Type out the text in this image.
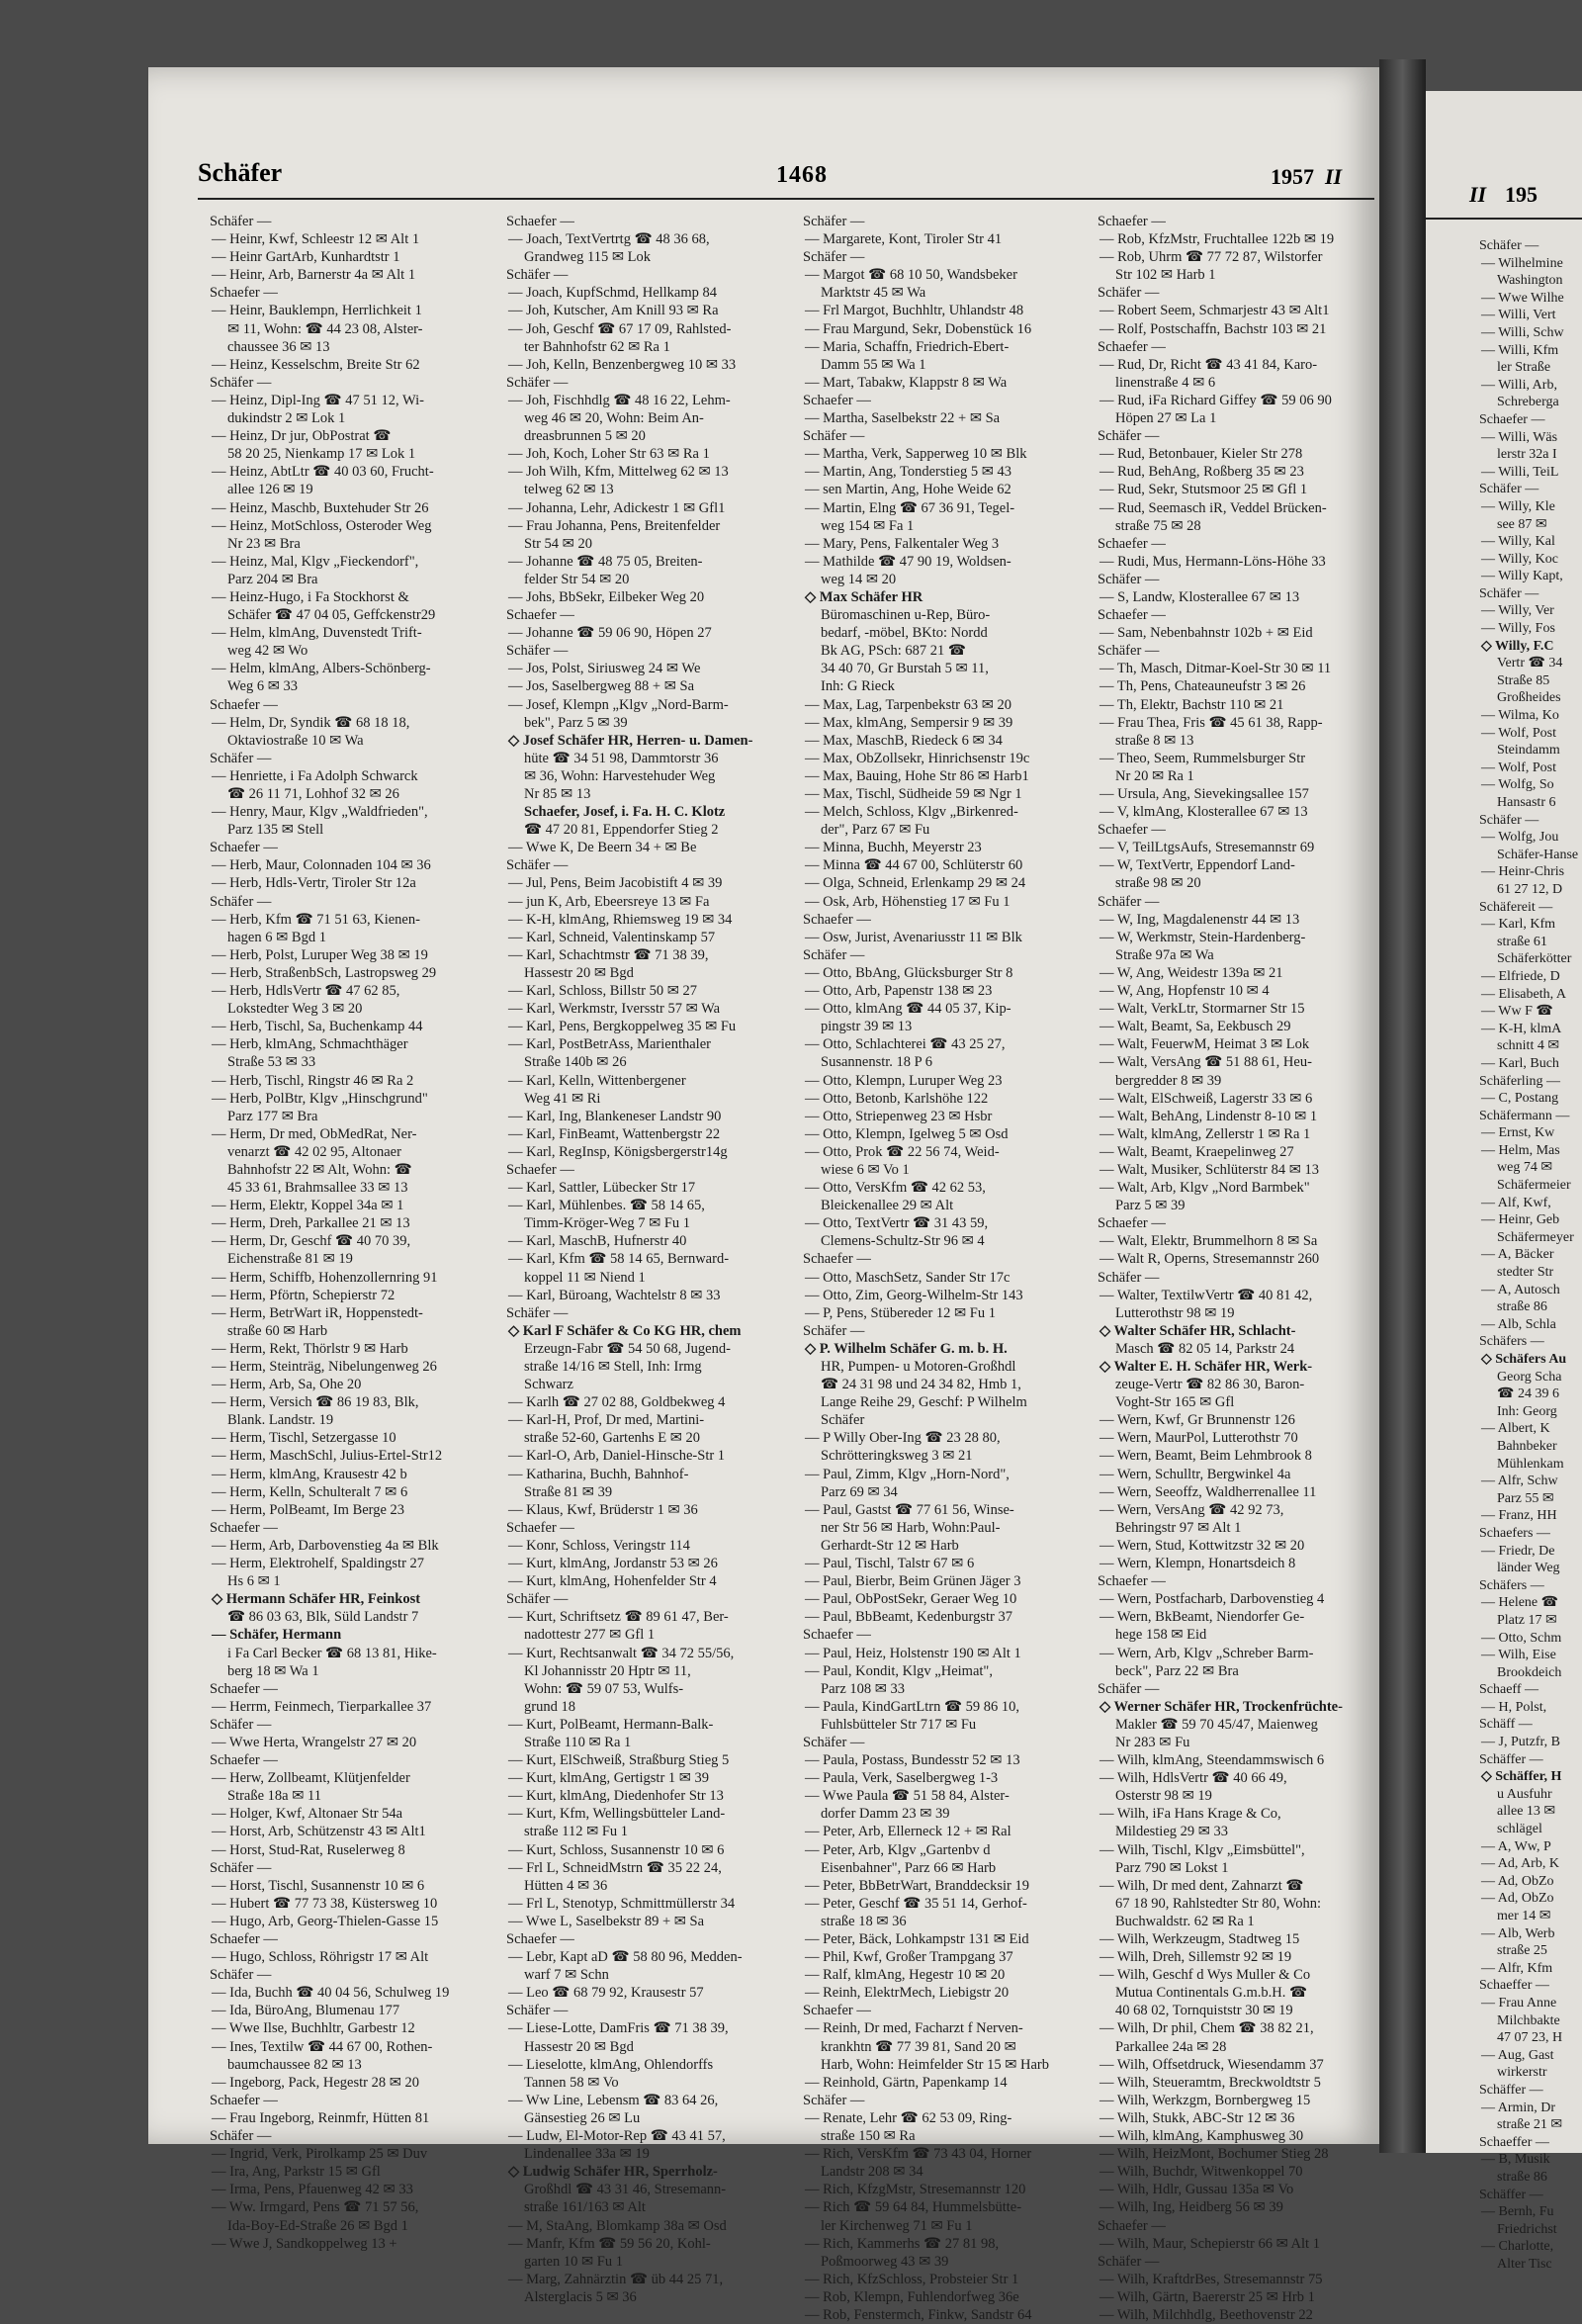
Schäfer	1468	1957 II
Schäfer —
— Heinr, Kwf, Schleestr 12 ✉ Alt 1
— Heinr GartArb, Kunhardtstr 1
— Heinr, Arb, Barnerstr 4a ✉ Alt 1
Schaefer —
— Heinr, Bauklempn, Herrlichkeit 1
✉ 11, Wohn: ☎ 44 23 08, Alster-
chaussee 36 ✉ 13
— Heinz, Kesselschm, Breite Str 62
Schäfer —
— Heinz, Dipl-Ing ☎ 47 51 12, Wi-
dukindstr 2 ✉ Lok 1
— Heinz, Dr jur, ObPostrat ☎
58 20 25, Nienkamp 17 ✉ Lok 1
— Heinz, AbtLtr ☎ 40 03 60, Frucht-
allee 126 ✉ 19
— Heinz, Maschb, Buxtehuder Str 26
— Heinz, MotSchloss, Osteroder Weg
Nr 23 ✉ Bra
— Heinz, Mal, Klgv „Fieckendorf",
Parz 204 ✉ Bra
— Heinz-Hugo, i Fa Stockhorst &
Schäfer ☎ 47 04 05, Geffckenstr29
— Helm, klmAng, Duvenstedt Trift-
weg 42 ✉ Wo
— Helm, klmAng, Albers-Schönberg-
Weg 6 ✉ 33
Schaefer —
— Helm, Dr, Syndik ☎ 68 18 18,
Oktaviostraße 10 ✉ Wa
Schäfer —
— Henriette, i Fa Adolph Schwarck
☎ 26 11 71, Lohhof 32 ✉ 26
— Henry, Maur, Klgv „Waldfrieden",
Parz 135 ✉ Stell
Schaefer —
— Herb, Maur, Colonnaden 104 ✉ 36
— Herb, Hdls-Vertr, Tiroler Str 12a
Schäfer —
— Herb, Kfm ☎ 71 51 63, Kienen-
hagen 6 ✉ Bgd 1
— Herb, Polst, Luruper Weg 38 ✉ 19
— Herb, StraßenbSch, Lastropsweg 29
— Herb, HdlsVertr ☎ 47 62 85,
Lokstedter Weg 3 ✉ 20
— Herb, Tischl, Sa, Buchenkamp 44
— Herb, klmAng, Schmachthäger
Straße 53 ✉ 33
— Herb, Tischl, Ringstr 46 ✉ Ra 2
— Herb, PolBtr, Klgv „Hinschgrund"
Parz 177 ✉ Bra
— Herm, Dr med, ObMedRat, Ner-
venarzt ☎ 42 02 95, Altonaer
Bahnhofstr 22 ✉ Alt, Wohn: ☎
45 33 61, Brahmsallee 33 ✉ 13
— Herm, Elektr, Koppel 34a ✉ 1
— Herm, Dreh, Parkallee 21 ✉ 13
— Herm, Dr, Geschf ☎ 40 70 39,
Eichenstraße 81 ✉ 19
— Herm, Schiffb, Hohenzollernring 91
— Herm, Pförtn, Schepierstr 72
— Herm, BetrWart iR, Hoppenstedt-
straße 60 ✉ Harb
— Herm, Rekt, Thörlstr 9 ✉ Harb
— Herm, Steinträg, Nibelungenweg 26
— Herm, Arb, Sa, Ohe 20
— Herm, Versich ☎ 86 19 83, Blk,
Blank. Landstr. 19
— Herm, Tischl, Setzergasse 10
— Herm, MaschSchl, Julius-Ertel-Str12
— Herm, klmAng, Krausestr 42 b
— Herm, Kelln, Schulteralt 7 ✉ 6
— Herm, PolBeamt, Im Berge 23
Schaefer —
— Herm, Arb, Darbovenstieg 4a ✉ Blk
— Herm, Elektrohelf, Spaldingstr 27
Hs 6 ✉ 1
◇ Hermann Schäfer HR, Feinkost
☎ 86 03 63, Blk, Süld Landstr 7
— Schäfer, Hermann
i Fa Carl Becker ☎ 68 13 81, Hike-
berg 18 ✉ Wa 1
Schaefer —
— Herrm, Feinmech, Tierparkallee 37
Schäfer —
— Wwe Herta, Wrangelstr 27 ✉ 20
Schaefer —
— Herw, Zollbeamt, Klütjenfelder
Straße 18a ✉ 11
— Holger, Kwf, Altonaer Str 54a
— Horst, Arb, Schützenstr 43 ✉ Alt1
— Horst, Stud-Rat, Ruselerweg 8
Schäfer —
— Horst, Tischl, Susannenstr 10 ✉ 6
— Hubert ☎ 77 73 38, Küstersweg 10
— Hugo, Arb, Georg-Thielen-Gasse 15
Schaefer —
— Hugo, Schloss, Röhrigstr 17 ✉ Alt
Schäfer —
— Ida, Buchh ☎ 40 04 56, Schulweg 19
— Ida, BüroAng, Blumenau 177
— Wwe Ilse, Buchhltr, Garbestr 12
— Ines, Textilw ☎ 44 67 00, Rothen-
baumchaussee 82 ✉ 13
— Ingeborg, Pack, Hegestr 28 ✉ 20
Schaefer —
— Frau Ingeborg, Reinmfr, Hütten 81
Schäfer —
— Ingrid, Verk, Pirolkamp 25 ✉ Duv
— Ira, Ang, Parkstr 15 ✉ Gfl
— Irma, Pens, Pfauenweg 42 ✉ 33
— Ww. Irmgard, Pens ☎ 71 57 56,
Ida-Boy-Ed-Straße 26 ✉ Bgd 1
— Wwe J, Sandkoppelweg 13 +
Schaefer —
— Joach, TextVertrtg ☎ 48 36 68,
Grandweg 115 ✉ Lok
Schäfer —
— Joach, KupfSchmd, Hellkamp 84
— Joh, Kutscher, Am Knill 93 ✉ Ra
— Joh, Geschf ☎ 67 17 09, Rahlsted-
ter Bahnhofstr 62 ✉ Ra 1
— Joh, Kelln, Benzenbergweg 10 ✉ 33
Schäfer —
— Joh, Fischhdlg ☎ 48 16 22, Lehm-
weg 46 ✉ 20, Wohn: Beim An-
dreasbrunnen 5 ✉ 20
— Joh, Koch, Loher Str 63 ✉ Ra 1
— Joh Wilh, Kfm, Mittelweg 62 ✉ 13
telweg 62 ✉ 13
— Johanna, Lehr, Adickestr 1 ✉ Gfl1
— Frau Johanna, Pens, Breitenfelder
Str 54 ✉ 20
— Johanne ☎ 48 75 05, Breiten-
felder Str 54 ✉ 20
— Johs, BbSekr, Eilbeker Weg 20
Schaefer —
— Johanne ☎ 59 06 90, Höpen 27
Schäfer —
— Jos, Polst, Siriusweg 24 ✉ We
— Jos, Saselbergweg 88 + ✉ Sa
— Josef, Klempn „Klgv „Nord-Barm-
bek", Parz 5 ✉ 39
◇ Josef Schäfer HR, Herren- u. Damen-
hüte ☎ 34 51 98, Dammtorstr 36
✉ 36, Wohn: Harvestehuder Weg
Nr 85 ✉ 13
Schaefer, Josef, i. Fa. H. C. Klotz
☎ 47 20 81, Eppendorfer Stieg 2
— Wwe K, De Beern 34 + ✉ Be
Schäfer —
— Jul, Pens, Beim Jacobistift 4 ✉ 39
— jun K, Arb, Ebeersreye 13 ✉ Fa
— K-H, klmAng, Rhiemsweg 19 ✉ 34
— Karl, Schneid, Valentinskamp 57
— Karl, Schachtmstr ☎ 71 38 39,
Hassestr 20 ✉ Bgd
— Karl, Schloss, Billstr 50 ✉ 27
— Karl, Werkmstr, Iversstr 57 ✉ Wa
— Karl, Pens, Bergkoppelweg 35 ✉ Fu
— Karl, PostBetrAss, Marienthaler
Straße 140b ✉ 26
— Karl, Kelln, Wittenbergener
Weg 41 ✉ Ri
— Karl, Ing, Blankeneser Landstr 90
— Karl, FinBeamt, Wattenbergstr 22
— Karl, RegInsp, Königsbergerstr14g
Schaefer —
— Karl, Sattler, Lübecker Str 17
— Karl, Mühlenbes. ☎ 58 14 65,
Timm-Kröger-Weg 7 ✉ Fu 1
— Karl, MaschB, Hufnerstr 40
— Karl, Kfm ☎ 58 14 65, Bernward-
koppel 11 ✉ Niend 1
— Karl, Büroang, Wachtelstr 8 ✉ 33
Schäfer —
◇ Karl F Schäfer & Co KG HR, chem
Erzeugn-Fabr ☎ 54 50 68, Jugend-
straße 14/16 ✉ Stell, Inh: Irmg
Schwarz
— Karlh ☎ 27 02 88, Goldbekweg 4
— Karl-H, Prof, Dr med, Martini-
straße 52-60, Gartenhs E ✉ 20
— Karl-O, Arb, Daniel-Hinsche-Str 1
— Katharina, Buchh, Bahnhof-
Straße 81 ✉ 39
— Klaus, Kwf, Brüderstr 1 ✉ 36
Schaefer —
— Konr, Schloss, Veringstr 114
— Kurt, klmAng, Jordanstr 53 ✉ 26
— Kurt, klmAng, Hohenfelder Str 4
Schäfer —
— Kurt, Schriftsetz ☎ 89 61 47, Ber-
nadottestr 277 ✉ Gfl 1
— Kurt, Rechtsanwalt ☎ 34 72 55/56,
Kl Johannisstr 20 Hptr ✉ 11,
Wohn: ☎ 59 07 53, Wulfs-
grund 18
— Kurt, PolBeamt, Hermann-Balk-
Straße 110 ✉ Ra 1
— Kurt, ElSchweiß, Straßburg Stieg 5
— Kurt, klmAng, Gertigstr 1 ✉ 39
— Kurt, klmAng, Diedenhofer Str 13
— Kurt, Kfm, Wellingsbütteler Land-
straße 112 ✉ Fu 1
— Kurt, Schloss, Susannenstr 10 ✉ 6
— Frl L, SchneidMstrn ☎ 35 22 24,
Hütten 4 ✉ 36
— Frl L, Stenotyp, Schmittmüllerstr 34
— Wwe L, Saselbekstr 89 + ✉ Sa
Schaefer —
— Lebr, Kapt aD ☎ 58 80 96, Medden-
warf 7 ✉ Schn
— Leo ☎ 68 79 92, Krausestr 57
Schäfer —
— Liese-Lotte, DamFris ☎ 71 38 39,
Hassestr 20 ✉ Bgd
— Lieselotte, klmAng, Ohlendorffs
Tannen 58 ✉ Vo
— Ww Line, Lebensm ☎ 83 64 26,
Gänsestieg 26 ✉ Lu
— Ludw, El-Motor-Rep ☎ 43 41 57,
Lindenallee 33a ✉ 19
◇ Ludwig Schäfer HR, Sperrholz-
Großhdl ☎ 43 31 46, Stresemann-
straße 161/163 ✉ Alt
— M, StaAng, Blomkamp 38a ✉ Osd
— Manfr, Kfm ☎ 59 56 20, Kohl-
garten 10 ✉ Fu 1
— Marg, Zahnärztin ☎ üb 44 25 71,
Alsterglacis 5 ✉ 36
Schäfer —
— Margarete, Kont, Tiroler Str 41
Schäfer —
— Margot ☎ 68 10 50, Wandsbeker
Marktstr 45 ✉ Wa
— Frl Margot, Buchhltr, Uhlandstr 48
— Frau Margund, Sekr, Dobenstück 16
— Maria, Schaffn, Friedrich-Ebert-
Damm 55 ✉ Wa 1
— Mart, Tabakw, Klappstr 8 ✉ Wa
Schaefer —
— Martha, Saselbekstr 22 + ✉ Sa
Schäfer —
— Martha, Verk, Sapperweg 10 ✉ Blk
— Martin, Ang, Tonderstieg 5 ✉ 43
— sen Martin, Ang, Hohe Weide 62
— Martin, Elng ☎ 67 36 91, Tegel-
weg 154 ✉ Fa 1
— Mary, Pens, Falkentaler Weg 3
— Mathilde ☎ 47 90 19, Woldsen-
weg 14 ✉ 20
◇ Max Schäfer HR
Büromaschinen u-Rep, Büro-
bedarf, -möbel, BKto: Nordd
Bk AG, PSch: 687 21 ☎
34 40 70, Gr Burstah 5 ✉ 11,
Inh: G Rieck
— Max, Lag, Tarpenbekstr 63 ✉ 20
— Max, klmAng, Sempersir 9 ✉ 39
— Max, MaschB, Riedeck 6 ✉ 34
— Max, ObZollsekr, Hinrichsenstr 19c
— Max, Bauing, Hohe Str 86 ✉ Harb1
— Max, Tischl, Südheide 59 ✉ Ngr 1
— Melch, Schloss, Klgv „Birkenred-
der", Parz 67 ✉ Fu
— Minna, Buchh, Meyerstr 23
— Minna ☎ 44 67 00, Schlüterstr 60
— Olga, Schneid, Erlenkamp 29 ✉ 24
— Osk, Arb, Höhenstieg 17 ✉ Fu 1
Schaefer —
— Osw, Jurist, Avenariusstr 11 ✉ Blk
Schäfer —
— Otto, BbAng, Glücksburger Str 8
— Otto, Arb, Papenstr 138 ✉ 23
— Otto, klmAng ☎ 44 05 37, Kip-
pingstr 39 ✉ 13
— Otto, Schlachterei ☎ 43 25 27,
Susannenstr. 18 P 6
— Otto, Klempn, Luruper Weg 23
— Otto, Betonb, Karlshöhe 122
— Otto, Striepenweg 23 ✉ Hsbr
— Otto, Klempn, Igelweg 5 ✉ Osd
— Otto, Prok ☎ 22 56 74, Weid-
wiese 6 ✉ Vo 1
— Otto, VersKfm ☎ 42 62 53,
Bleickenallee 29 ✉ Alt
— Otto, TextVertr ☎ 31 43 59,
Clemens-Schultz-Str 96 ✉ 4
Schaefer —
— Otto, MaschSetz, Sander Str 17c
— Otto, Zim, Georg-Wilhelm-Str 143
— P, Pens, Stübereder 12 ✉ Fu 1
Schäfer —
◇ P. Wilhelm Schäfer G. m. b. H.
HR, Pumpen- u Motoren-Großhdl
☎ 24 31 98 und 24 34 82, Hmb 1,
Lange Reihe 29, Geschf: P Wilhelm
Schäfer
— P Willy Ober-Ing ☎ 23 28 80,
Schrötteringksweg 3 ✉ 21
— Paul, Zimm, Klgv „Horn-Nord",
Parz 69 ✉ 34
— Paul, Gastst ☎ 77 61 56, Winse-
ner Str 56 ✉ Harb, Wohn:Paul-
Gerhardt-Str 12 ✉ Harb
— Paul, Tischl, Talstr 67 ✉ 6
— Paul, Bierbr, Beim Grünen Jäger 3
— Paul, ObPostSekr, Geraer Weg 10
— Paul, BbBeamt, Kedenburgstr 37
Schaefer —
— Paul, Heiz, Holstenstr 190 ✉ Alt 1
— Paul, Kondit, Klgv „Heimat",
Parz 108 ✉ 33
— Paula, KindGartLtrn ☎ 59 86 10,
Fuhlsbütteler Str 717 ✉ Fu
Schäfer —
— Paula, Postass, Bundesstr 52 ✉ 13
— Paula, Verk, Saselbergweg 1-3
— Wwe Paula ☎ 51 58 84, Alster-
dorfer Damm 23 ✉ 39
— Peter, Arb, Ellerneck 12 + ✉ Ral
— Peter, Arb, Klgv „Gartenbv d
Eisenbahner", Parz 66 ✉ Harb
— Peter, BbBetrWart, Branddecksir 19
— Peter, Geschf ☎ 35 51 14, Gerhof-
straße 18 ✉ 36
— Peter, Bäck, Lohkampstr 131 ✉ Eid
— Phil, Kwf, Großer Trampgang 37
— Ralf, klmAng, Hegestr 10 ✉ 20
— Reinh, ElektrMech, Liebigstr 20
Schaefer —
— Reinh, Dr med, Facharzt f Nerven-
krankhtn ☎ 77 39 81, Sand 20 ✉
Harb, Wohn: Heimfelder Str 15 ✉ Harb
— Reinhold, Gärtn, Papenkamp 14
Schäfer —
— Renate, Lehr ☎ 62 53 09, Ring-
straße 150 ✉ Ra
— Rich, VersKfm ☎ 73 43 04, Horner
Landstr 208 ✉ 34
— Rich, KfzgMstr, Stresemannstr 120
— Rich ☎ 59 64 84, Hummelsbütte-
ler Kirchenweg 71 ✉ Fu 1
— Rich, Kammerhs ☎ 27 81 98,
Poßmoorweg 43 ✉ 39
— Rich, KfzSchloss, Probsteier Str 1
— Rob, Klempn, Fuhlendorfweg 36e
— Rob, Fenstermch, Finkw, Sandstr 64
Schaefer —
— Rob, KfzMstr, Fruchtallee 122b ✉ 19
— Rob, Uhrm ☎ 77 72 87, Wilstorfer
Str 102 ✉ Harb 1
Schäfer —
— Robert Seem, Schmarjestr 43 ✉ Alt1
— Rolf, Postschaffn, Bachstr 103 ✉ 21
Schaefer —
— Rud, Dr, Richt ☎ 43 41 84, Karo-
linenstraße 4 ✉ 6
— Rud, iFa Richard Giffey ☎ 59 06 90
Höpen 27 ✉ La 1
Schäfer —
— Rud, Betonbauer, Kieler Str 278
— Rud, BehAng, Roßberg 35 ✉ 23
— Rud, Sekr, Stutsmoor 25 ✉ Gfl 1
— Rud, Seemasch iR, Veddel Brücken-
straße 75 ✉ 28
Schaefer —
— Rudi, Mus, Hermann-Löns-Höhe 33
Schäfer —
— S, Landw, Klosterallee 67 ✉ 13
Schaefer —
— Sam, Nebenbahnstr 102b + ✉ Eid
Schäfer —
— Th, Masch, Ditmar-Koel-Str 30 ✉ 11
— Th, Pens, Chateauneufstr 3 ✉ 26
— Th, Elektr, Bachstr 110 ✉ 21
— Frau Thea, Fris ☎ 45 61 38, Rapp-
straße 8 ✉ 13
— Theo, Seem, Rummelsburger Str
Nr 20 ✉ Ra 1
— Ursula, Ang, Sievekingsallee 157
— V, klmAng, Klosterallee 67 ✉ 13
Schaefer —
— V, TeilLtgsAufs, Stresemannstr 69
— W, TextVertr, Eppendorf Land-
straße 98 ✉ 20
Schäfer —
— W, Ing, Magdalenenstr 44 ✉ 13
— W, Werkmstr, Stein-Hardenberg-
Straße 97a ✉ Wa
— W, Ang, Weidestr 139a ✉ 21
— W, Ang, Hopfenstr 10 ✉ 4
— Walt, VerkLtr, Stormarner Str 15
— Walt, Beamt, Sa, Eekbusch 29
— Walt, FeuerwM, Heimat 3 ✉ Lok
— Walt, VersAng ☎ 51 88 61, Heu-
bergredder 8 ✉ 39
— Walt, ElSchweiß, Lagerstr 33 ✉ 6
— Walt, BehAng, Lindenstr 8-10 ✉ 1
— Walt, klmAng, Zellerstr 1 ✉ Ra 1
— Walt, Beamt, Kraepelinweg 27
— Walt, Musiker, Schlüterstr 84 ✉ 13
— Walt, Arb, Klgv „Nord Barmbek"
Parz 5 ✉ 39
Schaefer —
— Walt, Elektr, Brummelhorn 8 ✉ Sa
— Walt R, Operns, Stresemannstr 260
Schäfer —
— Walter, TextilwVertr ☎ 40 81 42,
Lutterothstr 98 ✉ 19
◇ Walter Schäfer HR, Schlacht-
Masch ☎ 82 05 14, Parkstr 24
◇ Walter E. H. Schäfer HR, Werk-
zeuge-Vertr ☎ 82 86 30, Baron-
Voght-Str 165 ✉ Gfl
— Wern, Kwf, Gr Brunnenstr 126
— Wern, MaurPol, Lutterothstr 70
— Wern, Beamt, Beim Lehmbrook 8
— Wern, Schulltr, Bergwinkel 4a
— Wern, Seeoffz, Waldherrenallee 11
— Wern, VersAng ☎ 42 92 73,
Behringstr 97 ✉ Alt 1
— Wern, Stud, Kottwitzstr 32 ✉ 20
— Wern, Klempn, Honartsdeich 8
Schaefer —
— Wern, Postfacharb, Darbovenstieg 4
— Wern, BkBeamt, Niendorfer Ge-
hege 158 ✉ Eid
— Wern, Arb, Klgv „Schreber Barm-
beck", Parz 22 ✉ Bra
Schäfer —
◇ Werner Schäfer HR, Trockenfrüchte-
Makler ☎ 59 70 45/47, Maienweg
Nr 283 ✉ Fu
— Wilh, klmAng, Steendammswisch 6
— Wilh, HdlsVertr ☎ 40 66 49,
Osterstr 98 ✉ 19
— Wilh, iFa Hans Krage & Co,
Mildestieg 29 ✉ 33
— Wilh, Tischl, Klgv „Eimsbüttel",
Parz 790 ✉ Lokst 1
— Wilh, Dr med dent, Zahnarzt ☎
67 18 90, Rahlstedter Str 80, Wohn:
Buchwaldstr. 62 ✉ Ra 1
— Wilh, Werkzeugm, Stadtweg 15
— Wilh, Dreh, Sillemstr 92 ✉ 19
— Wilh, Geschf d Wys Muller & Co
Mutua Continentals G.m.b.H. ☎
40 68 02, Tornquiststr 30 ✉ 19
— Wilh, Dr phil, Chem ☎ 38 82 21,
Parkallee 24a ✉ 28
— Wilh, Offsetdruck, Wiesendamm 37
— Wilh, Steueramtm, Breckwoldtstr 5
— Wilh, Werkzgm, Bornbergweg 15
— Wilh, Stukk, ABC-Str 12 ✉ 36
— Wilh, klmAng, Kamphusweg 30
— Wilh, HeizMont, Bochumer Stieg 28
— Wilh, Buchdr, Witwenkoppel 70
— Wilh, Hdlr, Gussau 135a ✉ Vo
— Wilh, Ing, Heidberg 56 ✉ 39
Schaefer —
— Wilh, Maur, Schepierstr 66 ✉ Alt 1
Schäfer —
— Wilh, KraftdrBes, Stresemannstr 75
— Wilh, Gärtn, Baererstr 25 ✉ Hrb 1
— Wilh, Milchhdlg, Beethovenstr 22
II 195
Schäfer —
— Wilhelmine
Washington
— Wwe Wilhe
— Willi, Vert
— Willi, Schw
— Willi, Kfm
ler Straße
— Willi, Arb,
Schreberga
Schaefer —
— Willi, Wäs
lerstr 32a I
— Willi, TeiL
Schäfer —
— Willy, Kle
see 87 ✉
— Willy, Kal
— Willy, Koc
— Willy Kapt,
Schäfer —
— Willy, Ver
— Willy, Fos
◇ Willy, F.C
Vertr ☎ 34
Straße 85
Großheides
— Wilma, Ko
— Wolf, Post
Steindamm
— Wolf, Post
— Wolfg, So
Hansastr 6
Schäfer —
— Wolfg, Jou
Schäfer-Hanse
— Heinr-Chris
61 27 12, D
Schäfereit —
— Karl, Kfm
straße 61
Schäferkötter
— Elfriede, D
— Elisabeth, A
— Ww F ☎
— K-H, klmA
schnitt 4 ✉
— Karl, Buch
Schäferling —
— C, Postang
Schäfermann —
— Ernst, Kw
— Helm, Mas
weg 74 ✉
Schäfermeier
— Alf, Kwf,
— Heinr, Geb
Schäfermeyer
— A, Bäcker
stedter Str
— A, Autosch
straße 86
— Alb, Schla
Schäfers —
◇ Schäfers Au
Georg Scha
☎ 24 39 6
Inh: Georg
— Albert, K
Bahnbeker
Mühlenkam
— Alfr, Schw
Parz 55 ✉
— Franz, HH
Schaefers —
— Friedr, De
länder Weg
Schäfers —
— Helene ☎
Platz 17 ✉
— Otto, Schm
— Wilh, Eise
Brookdeich
Schaeff —
— H, Polst,
Schäff —
— J, Putzfr, B
Schäffer —
◇ Schäffer, H
u Ausfuhr
allee 13 ✉
schlägel
— A, Ww, P
— Ad, Arb, K
— Ad, ObZo
— Ad, ObZo
mer 14 ✉
— Alb, Werb
straße 25
— Alfr, Kfm
Schaeffer —
— Frau Anne
Milchbakte
47 07 23, H
— Aug, Gast
wirkerstr
Schäffer —
— Armin, Dr
straße 21 ✉
Schaeffer —
— B, Musik
straße 86
Schäffer —
— Bernh, Fu
Friedrichst
— Charlotte,
Alter Tisc
